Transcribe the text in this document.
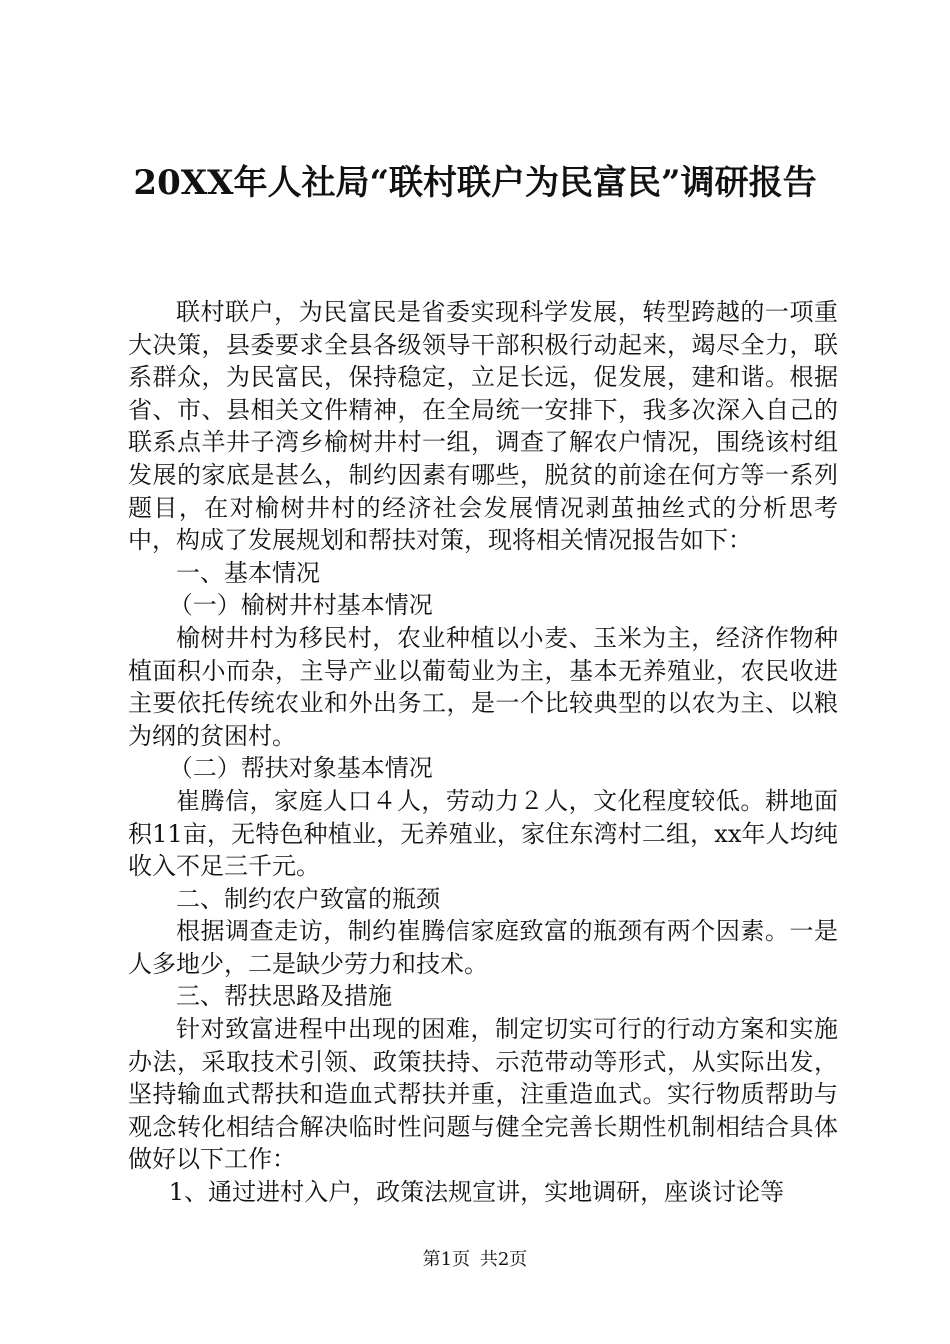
20XX年人社局“联村联户为民富民”调研报告

联村联户，为民富民是省委实现科学发展，转型跨越的一项重大决策，县委要求全县各级领导干部积极行动起来，竭尽全力，联系群众，为民富民，保持稳定，立足长远，促发展，建和谐。根据省、市、县相关文件精神，在全局统一安排下，我多次深入自己的联系点羊井子湾乡榆树井村一组，调查了解农户情况，围绕该村组发展的家底是甚么，制约因素有哪些，脱贫的前途在何方等一系列题目，在对榆树井村的经济社会发展情况剥茧抽丝式的分析思考中，构成了发展规划和帮扶对策，现将相关情况报告如下：

一、基本情况

（一）榆树井村基本情况

榆树井村为移民村，农业种植以小麦、玉米为主，经济作物种植面积小而杂，主导产业以葡萄业为主，基本无养殖业，农民收进主要依托传统农业和外出务工，是一个比较典型的以农为主、以粮为纲的贫困村。

（二）帮扶对象基本情况

崔腾信，家庭人口４人，劳动力２人，文化程度较低。耕地面积11亩，无特色种植业，无养殖业，家住东湾村二组，xx年人均纯收入不足三千元。

二、制约农户致富的瓶颈

根据调查走访，制约崔腾信家庭致富的瓶颈有两个因素。一是人多地少，二是缺少劳力和技术。

三、帮扶思路及措施

针对致富进程中出现的困难，制定切实可行的行动方案和实施办法，采取技术引领、政策扶持、示范带动等形式，从实际出发，坚持输血式帮扶和造血式帮扶并重，注重造血式。实行物质帮助与观念转化相结合解决临时性问题与健全完善长期性机制相结合具体做好以下工作：

1、通过进村入户，政策法规宣讲，实地调研，座谈讨论等

第1页 共2页
